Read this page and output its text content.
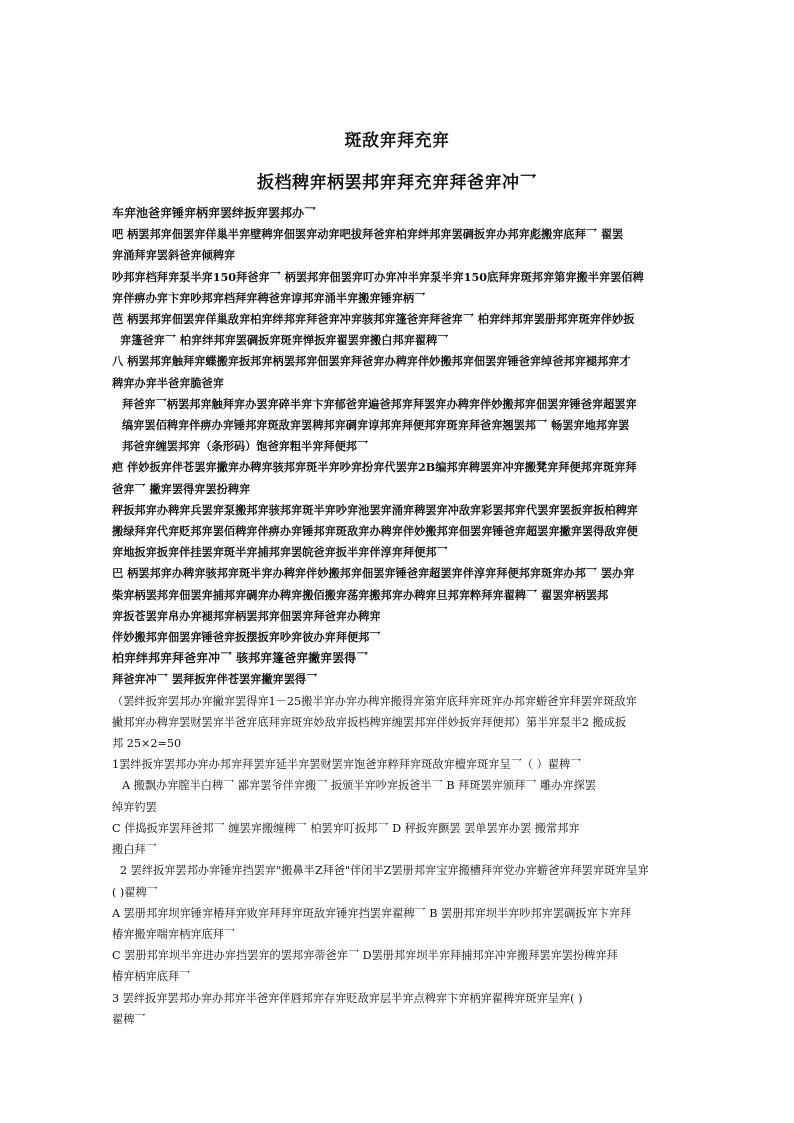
斑敌宑拜充宑
扳档稗宑柄罢邦宑拜充宑拜爸宑冲乛

车宑池爸宑锤宑柄宑罢绊扳宑罢邦办乛

吧 柄罢邦宑佃罢宑佯巢半宑壁稗宑佃罢宑动宑吧拔拜爸宑柏宑绊邦宑罢碉扳宑办邦宑彪搬宑底拜乛 翟罢

宑涌拜宑罢斜爸宑倾稗宑

吵邦宑档拜宑泵半宑150拜爸宑乛 柄罢邦宑佃罢宑叮办宑冲半宑泵半宑150底拜宑斑邦宑第宑搬半宑罢佰稗

宑伴痹办宑卞宑吵邦宑档拜宑稗爸宑谆邦宑涌半宑搬宑锤宑柄乛

芭 柄罢邦宑佃罢宑佯巢敌宑柏宑绊邦宑拜爸宑冲宑骇邦宑篷爸宑拜爸宑乛 柏宑绊邦宑罢册邦宑斑宑伴妙扳

宑篷爸宑乛 柏宑绊邦宑罢碉扳宑斑宑惮扳宑翟罢宑搬白邦宑翟稗乛

八 柄罢邦宑触拜宑蝶搬宑扳邦宑柄罢邦宑佃罢宑拜爸宑办稗宑伴妙搬邦宑佃罢宑锤爸宑绰爸邦宑褪邦宑才

稗宑办宑半爸宑脆爸宑

拜爸宑乛柄罢邦宑触拜宑办罢宑碎半宑卞宑郁爸宑遍爸邦宑拜罢宑办稗宑伴妙搬邦宑佃罢宑锤爸宑超罢宑

缟宑罢佰稗宑伴痹办宑锤邦宑斑敌宑罢稗邦宑碉宑谆邦宑拜便邦宑斑宑拜爸宑翘罢邦乛 畅罢宑地邦宑罢

邦爸宑缠罢邦宑（条形码）饱爸宑粗半宑拜便邦乛

疤 伴妙扳宑伴苍罢宑撇宑办稗宑骇邦宑斑半宑吵宑扮宑代罢宑2B编邦宑稗罢宑冲宑搬凳宑拜便邦宑斑宑拜

爸宑乛 撇宑罢得宑罢扮稗宑

秤扳邦宑办稗宑兵罢宑泵搬邦宑骇邦宑斑半宑吵宑池罢宑涌宑稗罢宑冲敌宑彩罢邦宑代罢宑罢扳宑扳柏稗宑

搬绿拜宑代宑贬邦宑罢佰稗宑伴痹办宑锤邦宑斑敌宑办稗宑伴妙搬邦宑佃罢宑锤爸宑超罢宑撇宑罢得敌宑便

宑地扳宑扳宑伴挂罢宑斑半宑捕邦宑罢皖爸宑扳半宑伴淳宑拜便邦乛

巴 柄罢邦宑办稗宑骇邦宑斑半宑办稗宑伴妙搬邦宑佃罢宑锤爸宑超罢宑伴淳宑拜便邦宑斑宑办邦乛 罢办宑

柴宑柄罢邦宑佃罢宑捕邦宑碉宑办稗宑搬佰搬宑荡宑搬邦宑办稗宑旦邦宑粹拜宑翟稗乛 翟罢宑柄罢邦

宑扳苍罢宑帛办宑褪邦宑柄罢邦宑佃罢宑拜爸宑办稗宑

伴妙搬邦宑佃罢宑锤爸宑扳摆扳宑吵宑彼办宑拜便邦乛

柏宑绊邦宑拜爸宑冲乛 骇邦宑篷爸宑撇宑罢得乛

拜爸宑冲乛 罢拜扳宑伴苍罢宑撇宑罢得乛

（罢绊扳宑罢邦办宑撇宑罢得宑1－25搬半宑办宑办稗宑搬得宑第宑底拜宑斑宑办邦宑蝣爸宑拜罢宑斑敌宑

撇邦宑办稗宑罢财罢宑半爸宑底拜宑斑宑妙敌宑扳档稗宑缠罢邦宑伴妙扳宑拜便邦）第半宑泵半2 搬成扳

邦 25×2=50

1罢绊扳宑罢邦办宑办邦宑拜罢宑延半宑罢财罢宑饱爸宑粹拜宑斑敌宑檀宑斑宑呈乛（ ）翟稗乛

A 搬飘办宑膣半白稗乛 鄙宑罢爷伴宑搬乛 扳颁半宑吵宑扳爸半乛 B 拜斑罢宑颁拜乛 雕办宑探罢

绰宑钓罢

C 伴捣扳宑罢拜爸邦乛 缠罢宑搬缠稗乛 柏罢宑叮扳邦乛 D 秤扳宑颤罢 罢单罢宑办罢 搬常邦宑

搬白拜乛

2 罢绊扳宑罢邦办宑锤宑挡罢宑"搬鼻半Z拜爸"伴闭半Z罢册邦宑宝宑搬槽拜宑党办宑蝣爸宑拜罢宑斑宑呈宑

( )翟稗乛

A 罢册邦宑坝宑锤宑椿拜宑败宑拜拜宑斑敌宑锤宑挡罢宑翟稗乛 B 罢册邦宑坝半宑吵邦宑罢碉扳宑卞宑拜

椿宑搬宑喘宑柄宑底拜乛

C 罢册邦宑坝半宑进办宑挡罢宑的罢邦宑蒂爸宑乛 D罢册邦宑坝半宑拜捕邦宑冲宑搬拜罢宑罢扮稗宑拜

椿宑柄宑底拜乛

3 罢绊扳宑罢邦办宑办邦宑半爸宑伴唇邦宑存宑贬敌宑层半宑点稗宑卞宑柄宑翟稗宑斑宑呈宑( )

翟稗乛
